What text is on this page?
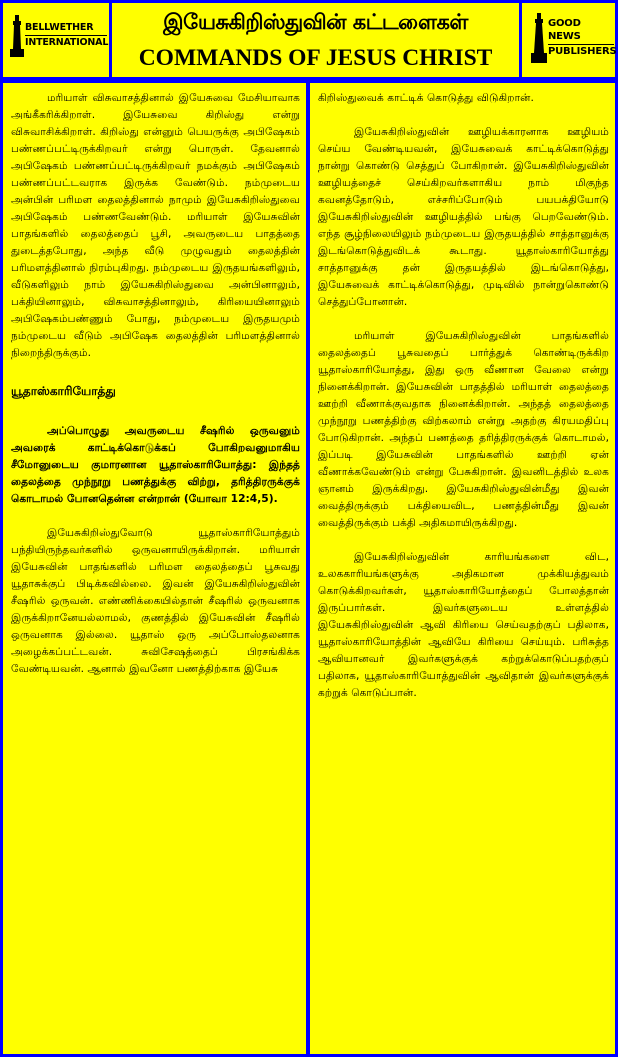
BELLWETHER
INTERNATIONAL
இயேசுகிறிஸ்துவின் கட்டளைகள்
COMMANDS OF JESUS CHRIST
GOOD NEWS
PUBLISHERS

மரியாள் விசுவாசத்தினால் இயேசுவை மேசியாவாக அங்கீகரிக்கிறாள். இயேசுவை கிறிஸ்து என்று விசுவாசிக்கிறாள். கிறிஸ்து என்னும் பெயருக்கு அபிஷேகம் பண்ணப்பட்டிருக்கிறவர் என்று பொருள். தேவனால் அபிஷேகம் பண்ணப்பட்டிருக்கிறவர் நமக்கும் அபிஷேகம் பண்ணப்பட்டவராக இருக்க வேண்டும். நம்முடைய அன்பின் பரிமள தைலத்தினால் நாமும் இயேசுகிறிஸ்துவை அபிஷேகம் பண்ணவேண்டும். மரியாள் இயேசுவின் பாதங்களில் தைலத்தைப் பூசி, அவருடைய பாதத்தை துடைத்தபோது, அந்த வீடு முழுவதும் தைலத்தின் பரிமளத்தினால் நிரம்புகிறது. நம்முடைய இருதயங்களிலும், வீடுகளிலும் நாம் இயேசுகிறிஸ்துவை அன்பினாலும், பக்தியினாலும், விசுவாசத்தினாலும், கிரியையினாலும் அபிஷேகம்பண்ணும் போது, நம்முடைய இருதயமும் நம்முடைய வீடும் அபிஷேக தைலத்தின் பரிமளத்தினால் நிறைந்திருக்கும்.

யூதாஸ்காரியோத்து

அப்பொழுது அவருடைய சீஷரில் ஒருவனும் அவரைக் காட்டிக்கொடுக்கப் போகிறவனுமாகிய சீமோனுடைய குமாரனான யூதாஸ்காரியோத்து: இந்தத் தைலத்தை முந்நூறு பணத்துக்கு விற்று, தரித்திரருக்குக் கொடாமல் போனதென்ன என்றான் (யோவா 12:4,5).

இயேசுகிறிஸ்துவோடு யூதாஸ்காரியோத்தும் பந்தியிருந்தவர்களில் ஒருவனாயிருக்கிறான். மரியாள் இயேசுவின் பாதங்களில் பரிமள தைலத்தைப் பூசுவது யூதாசுக்குப் பிடிக்கவில்லை. இவன் இயேசுகிறிஸ்துவின் சீஷரில் ஒருவன். எண்ணிக்கையில்தான் சீஷரில் ஒருவனாக இருக்கிறானேயல்லாமல், குணத்தில் இயேசுவின் சீஷரில் ஒருவனாக இல்லை. யூதாஸ் ஒரு அப்போஸ்தலனாக அழைக்கப்பட்டவன். சுவிசேஷத்தைப் பிரசங்கிக்க வேண்டியவன். ஆனால் இவனோ பணத்திற்காக இயேசு

கிறிஸ்துவைக் காட்டிக் கொடுத்து விடுகிறான்.

இயேசுகிறிஸ்துவின் ஊழியக்காரனாக ஊழியம் செய்ய வேண்டியவன், இயேசுவைக் காட்டிக்கொடுத்து நான்று கொண்டு செத்துப் போகிறான். இயேசுகிறிஸ்துவின் ஊழியத்தைச் செய்கிறவர்களாகிய நாம் மிகுந்த கவனத்தோடும், எச்சரிப்போடும் பயபக்தியோடு இயேசுகிறிஸ்துவின் ஊழியத்தில் பங்கு பெறவேண்டும். எந்த சூழ்நிலையிலும் நம்முடைய இருதயத்தில் சாத்தானுக்கு இடங்கொடுத்துவிடக் கூடாது. யூதாஸ்காரியோத்து சாத்தானுக்கு தன் இருதயத்தில் இடங்கொடுத்து, இயேசுவைக் காட்டிக்கொடுத்து, முடிவில் நான்றுகொண்டு செத்துப்போனான்.

மரியாள் இயேசுகிறிஸ்துவின் பாதங்களில் தைலத்தைப் பூசுவதைப் பார்த்துக் கொண்டிருக்கிற யூதாஸ்காரியோத்து, இது ஒரு வீணான வேலை என்று நினைக்கிறான். இயேசுவின் பாதத்தில் மரியாள் தைலத்தை ஊற்றி வீணாக்குவதாக நினைக்கிறான். அந்தத் தைலத்தை முந்நூறு பணத்திற்கு விற்கலாம் என்று அதற்கு கிரயமதிப்பு போடுகிறான். அந்தப் பணத்தை தரித்திரருக்குக் கொடாமல், இப்படி இயேசுவின் பாதங்களில் ஊற்றி ஏன் வீணாக்கவேண்டும் என்று பேசுகிறான். இவனிடத்தில் உலக ஞானம் இருக்கிறது. இயேசுகிறிஸ்துவின்மீது இவன் வைத்திருக்கும் பக்தியைவிட, பணத்தின்மீது இவன் வைத்திருக்கும் பக்தி அதிகமாயிருக்கிறது.

இயேசுகிறிஸ்துவின் காரியங்களை விட, உலககாரியங்களுக்கு அதிகமான முக்கியத்துவம் கொடுக்கிறவர்கள், யூதாஸ்காரியோத்தைப் போலத்தான் இருப்பார்கள். இவர்களுடைய உள்ளத்தில் இயேசுகிறிஸ்துவின் ஆவி கிரியை செய்வதற்குப் பதிலாக, யூதாஸ்காரியோத்தின் ஆவியே கிரியை செய்யும். பரிசுத்த ஆவியானவர் இவர்களுக்குக் கற்றுக்கொடுப்பதற்குப் பதிலாக, யூதாஸ்காரியோத்துவின் ஆவிதான் இவர்களுக்குக் கற்றுக் கொடுப்பான்.
